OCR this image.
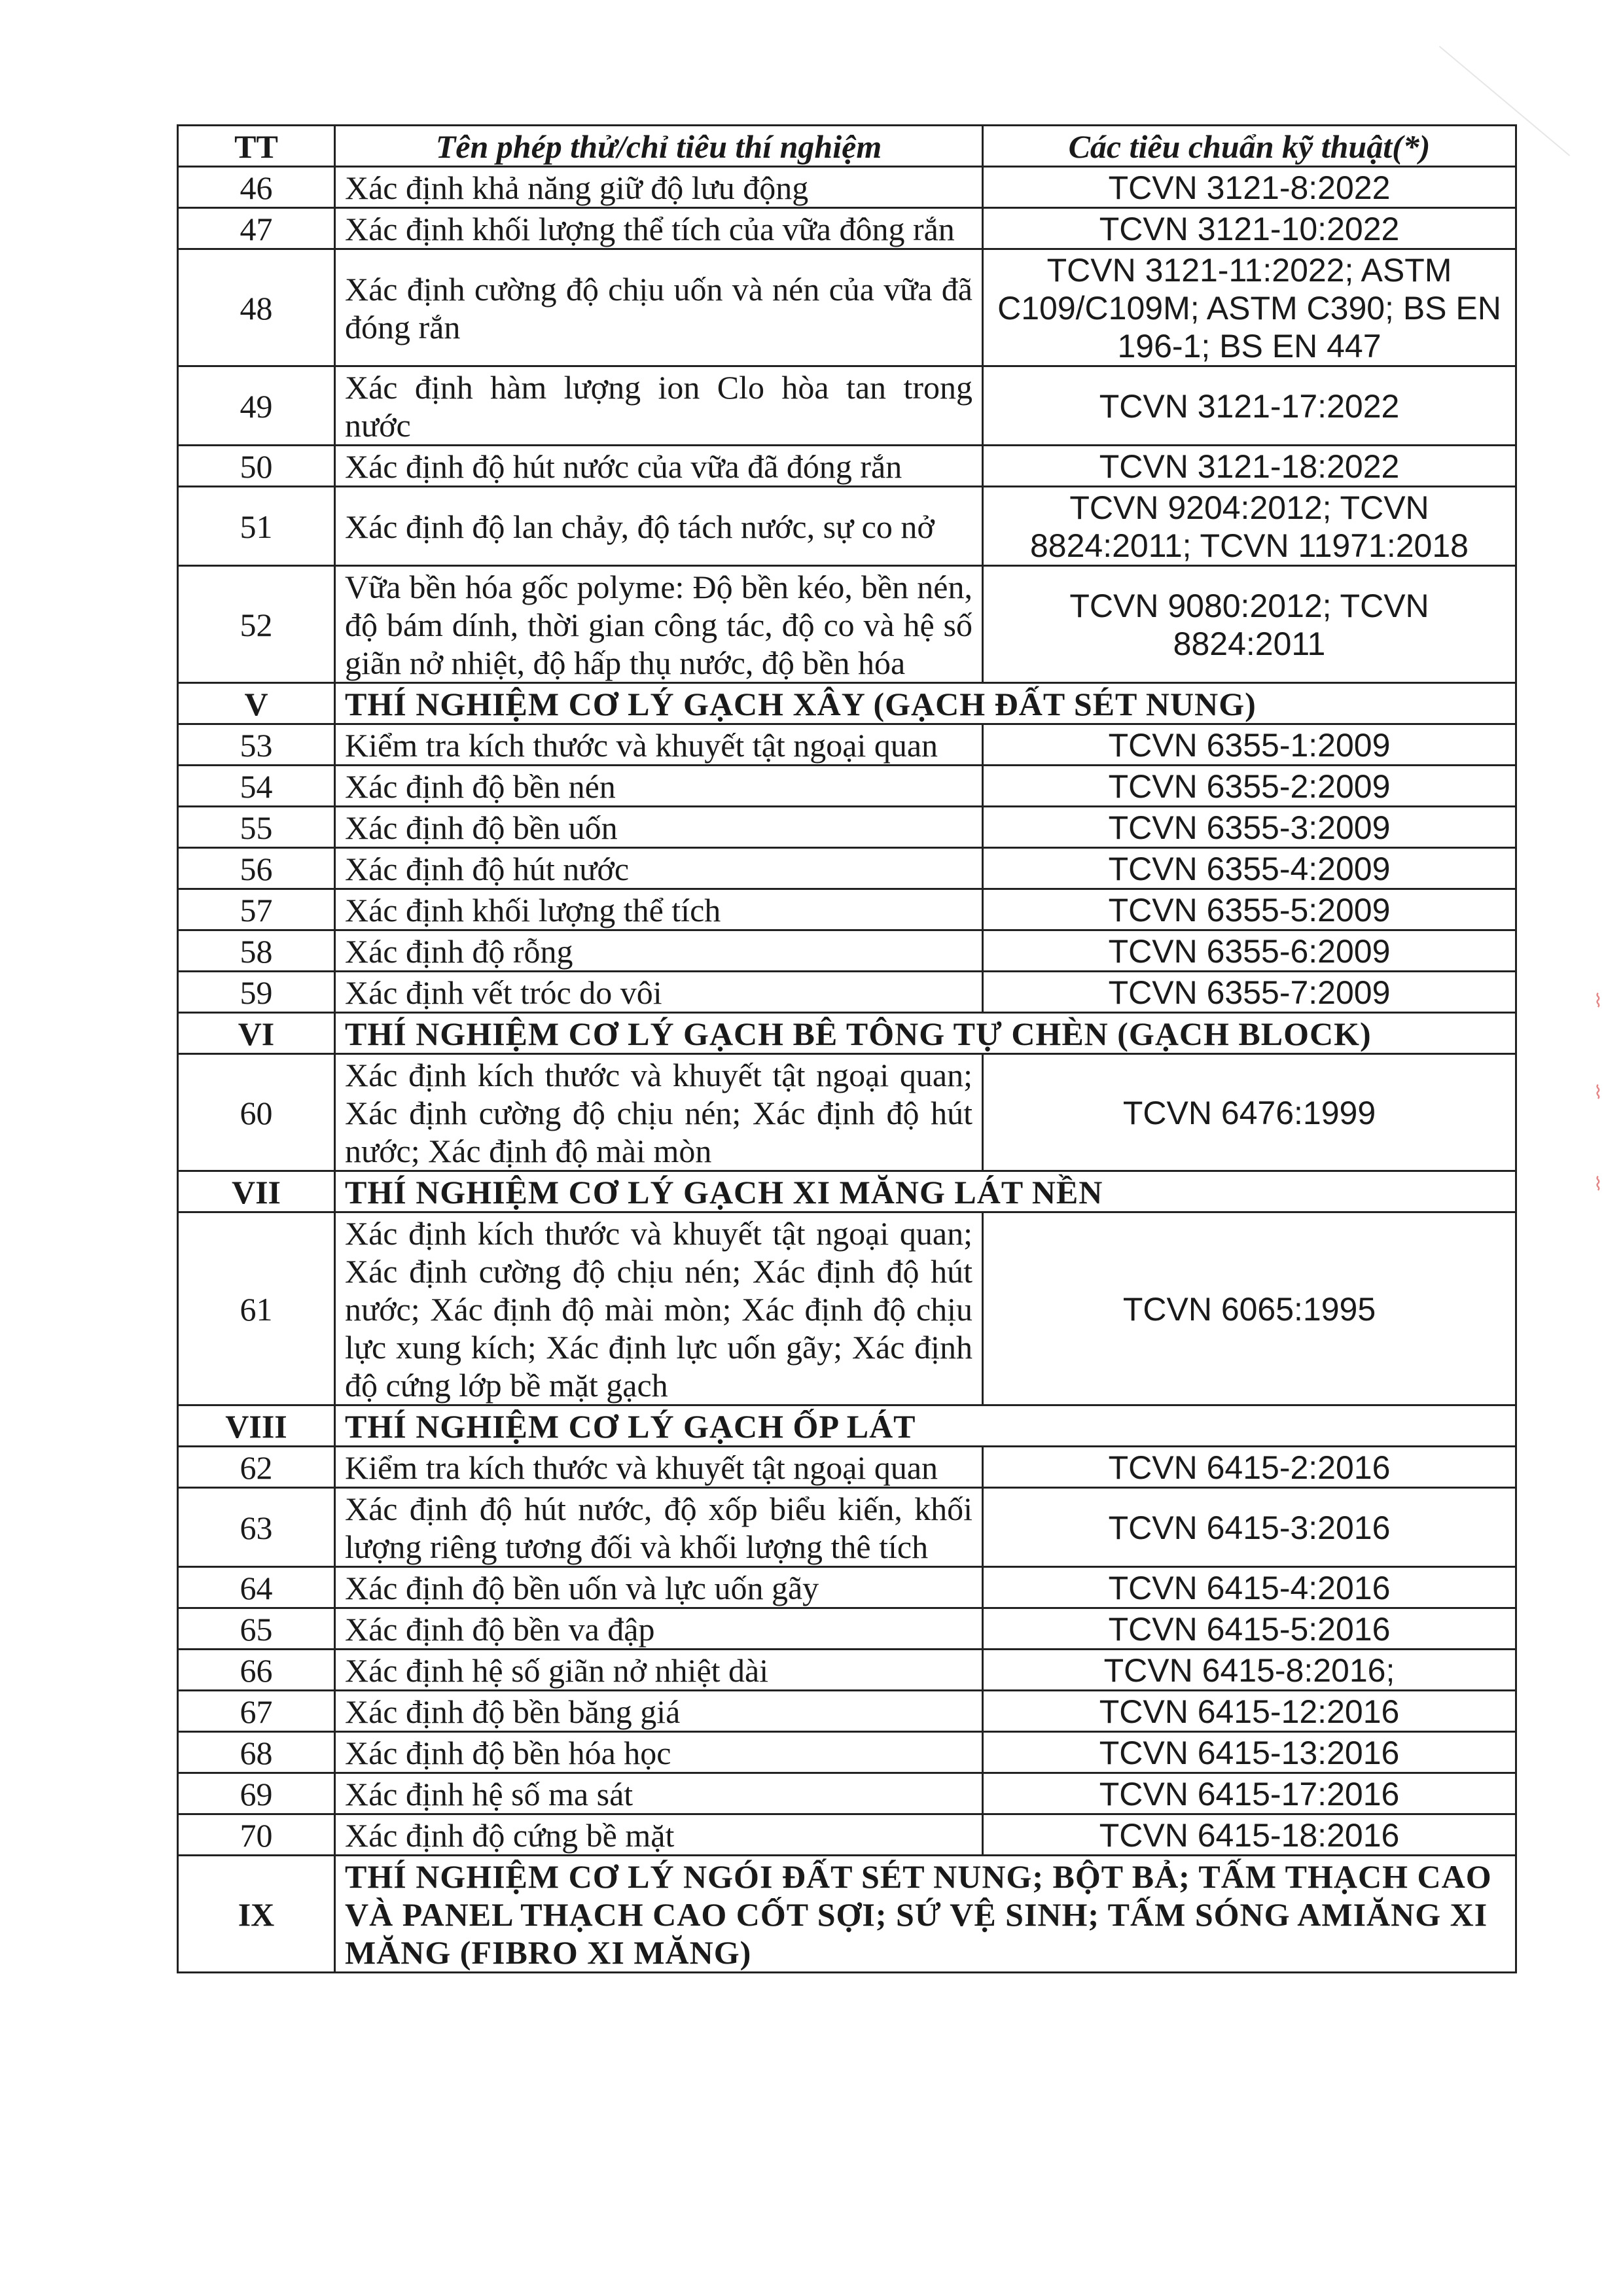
TT	Tên phép thử/chỉ tiêu thí nghiệm	Các tiêu chuẩn kỹ thuật(*)
46	Xác định khả năng giữ độ lưu động	TCVN 3121-8:2022
47	Xác định khối lượng thể tích của vữa đông rắn	TCVN 3121-10:2022
48	Xác định cường độ chịu uốn và nén của vữa đã đóng rắn	TCVN 3121-11:2022; ASTM C109/C109M; ASTM C390; BS EN 196-1; BS EN 447
49	Xác định hàm lượng ion Clo hòa tan trong nước	TCVN 3121-17:2022
50	Xác định độ hút nước của vữa đã đóng rắn	TCVN 3121-18:2022
51	Xác định độ lan chảy, độ tách nước, sự co nở	TCVN 9204:2012; TCVN 8824:2011; TCVN 11971:2018
52	Vữa bền hóa gốc polyme: Độ bền kéo, bền nén, độ bám dính, thời gian công tác, độ co và hệ số giãn nở nhiệt, độ hấp thụ nước, độ bền hóa	TCVN 9080:2012; TCVN 8824:2011
V	THÍ NGHIỆM CƠ LÝ GẠCH XÂY (GẠCH ĐẤT SÉT NUNG)	
53	Kiểm tra kích thước và khuyết tật ngoại quan	TCVN 6355-1:2009
54	Xác định độ bền nén	TCVN 6355-2:2009
55	Xác định độ bền uốn	TCVN 6355-3:2009
56	Xác định độ hút nước	TCVN 6355-4:2009
57	Xác định khối lượng thể tích	TCVN 6355-5:2009
58	Xác định độ rỗng	TCVN 6355-6:2009
59	Xác định vết tróc do vôi	TCVN 6355-7:2009
VI	THÍ NGHIỆM CƠ LÝ GẠCH BÊ TÔNG TỰ CHÈN (GẠCH BLOCK)	
60	Xác định kích thước và khuyết tật ngoại quan; Xác định cường độ chịu nén; Xác định độ hút nước; Xác định độ mài mòn	TCVN 6476:1999
VII	THÍ NGHIỆM CƠ LÝ GẠCH XI MĂNG LÁT NỀN	
61	Xác định kích thước và khuyết tật ngoại quan; Xác định cường độ chịu nén; Xác định độ hút nước; Xác định độ mài mòn; Xác định độ chịu lực xung kích; Xác định lực uốn gãy; Xác định độ cứng lớp bề mặt gạch	TCVN 6065:1995
VIII	THÍ NGHIỆM CƠ LÝ GẠCH ỐP LÁT	
62	Kiểm tra kích thước và khuyết tật ngoại quan	TCVN 6415-2:2016
63	Xác định độ hút nước, độ xốp biểu kiến, khối lượng riêng tương đối và khối lượng thê tích	TCVN 6415-3:2016
64	Xác định độ bền uốn và lực uốn gãy	TCVN 6415-4:2016
65	Xác định độ bền va đập	TCVN 6415-5:2016
66	Xác định hệ số giãn nở nhiệt dài	TCVN 6415-8:2016;
67	Xác định độ bền băng giá	TCVN 6415-12:2016
68	Xác định độ bền hóa học	TCVN 6415-13:2016
69	Xác định hệ số ma sát	TCVN 6415-17:2016
70	Xác định độ cứng bề mặt	TCVN 6415-18:2016
IX	THÍ NGHIỆM CƠ LÝ NGÓI ĐẤT SÉT NUNG; BỘT BẢ; TẤM THẠCH CAO VÀ PANEL THẠCH CAO CỐT SỢI; SỨ VỆ SINH; TẤM SÓNG AMIĂNG XI MĂNG (FIBRO XI MĂNG)	
⌇
⌇
⌇
